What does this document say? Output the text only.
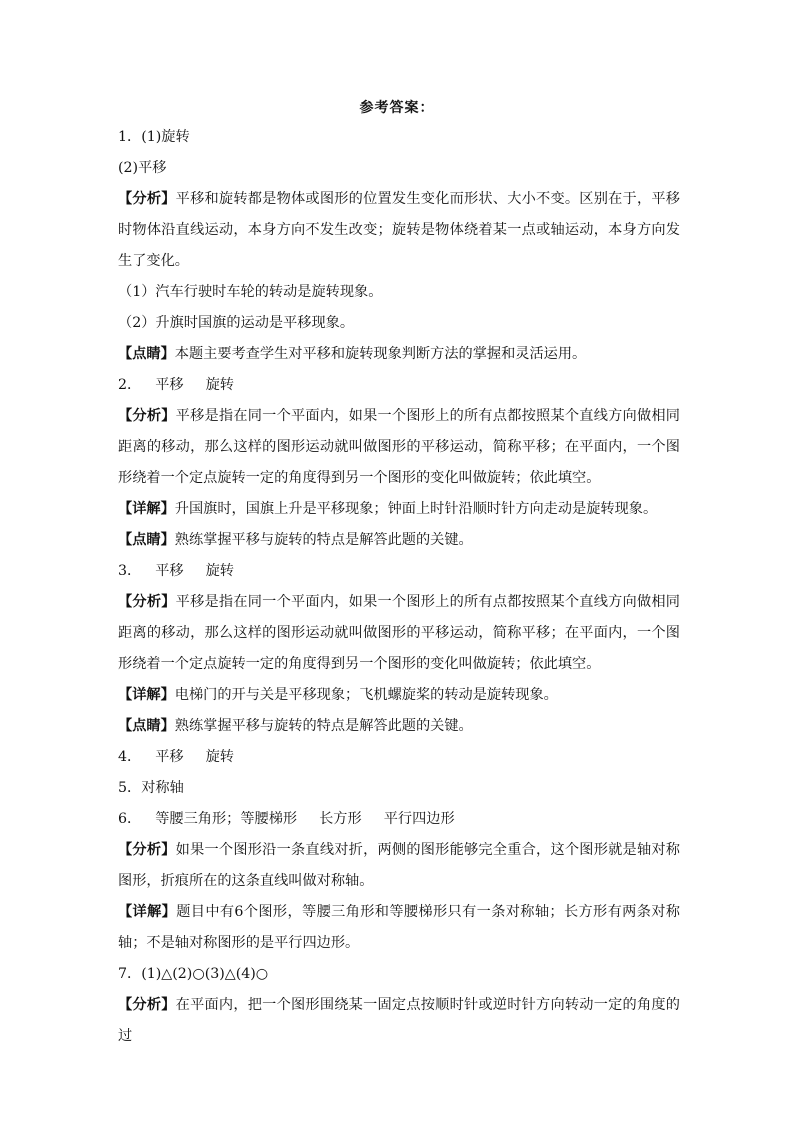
参考答案：
1．(1)旋转
(2)平移
【分析】平移和旋转都是物体或图形的位置发生变化而形状、大小不变。区别在于，平移时物体沿直线运动，本身方向不发生改变；旋转是物体绕着某一点或轴运动，本身方向发生了变化。
（1）汽车行驶时车轮的转动是旋转现象。
（2）升旗时国旗的运动是平移现象。
【点睛】本题主要考查学生对平移和旋转现象判断方法的掌握和灵活运用。
2． 平移 旋转
【分析】平移是指在同一个平面内，如果一个图形上的所有点都按照某个直线方向做相同距离的移动，那么这样的图形运动就叫做图形的平移运动，简称平移；在平面内，一个图形绕着一个定点旋转一定的角度得到另一个图形的变化叫做旋转；依此填空。
【详解】升国旗时，国旗上升是平移现象；钟面上时针沿顺时针方向走动是旋转现象。
【点睛】熟练掌握平移与旋转的特点是解答此题的关键。
3． 平移 旋转
【分析】平移是指在同一个平面内，如果一个图形上的所有点都按照某个直线方向做相同距离的移动，那么这样的图形运动就叫做图形的平移运动，简称平移；在平面内，一个图形绕着一个定点旋转一定的角度得到另一个图形的变化叫做旋转；依此填空。
【详解】电梯门的开与关是平移现象；飞机螺旋桨的转动是旋转现象。
【点睛】熟练掌握平移与旋转的特点是解答此题的关键。
4． 平移 旋转
5．对称轴
6． 等腰三角形；等腰梯形 长方形 平行四边形
【分析】如果一个图形沿一条直线对折，两侧的图形能够完全重合，这个图形就是轴对称图形，折痕所在的这条直线叫做对称轴。
【详解】题目中有6个图形，等腰三角形和等腰梯形只有一条对称轴；长方形有两条对称轴；不是轴对称图形的是平行四边形。
7．(1)△(2)○(3)△(4)○
【分析】在平面内，把一个图形围绕某一固定点按顺时针或逆时针方向转动一定的角度的过
